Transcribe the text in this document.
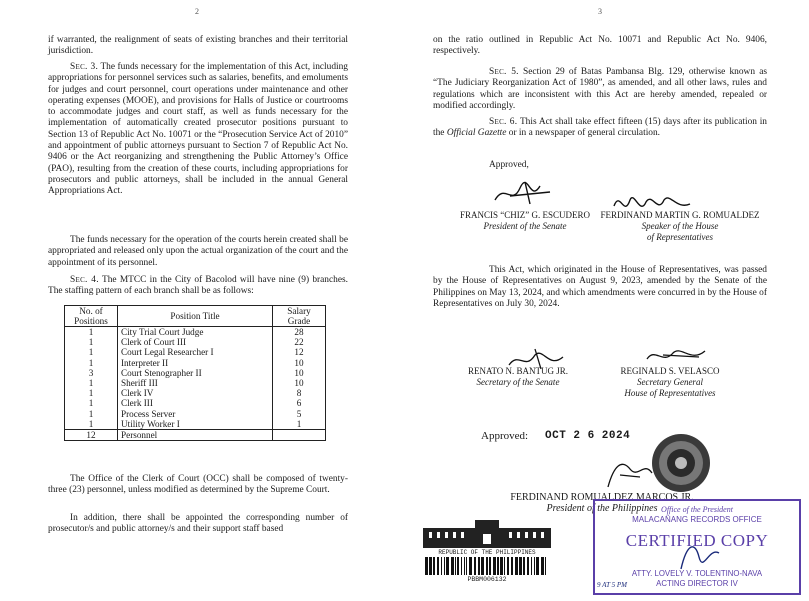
2
if warranted, the realignment of seats of existing branches and their territorial jurisdiction.
Sec. 3. The funds necessary for the implementation of this Act, including appropriations for personnel services such as salaries, benefits, and emoluments for judges and court personnel, court operations under maintenance and other operating expenses (MOOE), and provisions for Halls of Justice or courtrooms to accommodate judges and court staff, as well as funds necessary for the implementation of automatically created prosecutor positions pursuant to Section 13 of Republic Act No. 10071 or the “Prosecution Service Act of 2010” and appointment of public attorneys pursuant to Section 7 of Republic Act No. 9406 or the Act reorganizing and strengthening the Public Attorney’s Office (PAO), resulting from the creation of these courts, including appropriations for prosecutors and public attorneys, shall be included in the annual General Appropriations Act.
The funds necessary for the operation of the courts herein created shall be appropriated and released only upon the actual organization of the court and the appointment of its personnel.
Sec. 4. The MTCC in the City of Bacolod will have nine (9) branches. The staffing pattern of each branch shall be as follows:
No. of Positions	Position Title	Salary Grade
1	City Trial Court Judge	28
1	Clerk of Court III	22
1	Court Legal Researcher I	12
1	Interpreter II	10
3	Court Stenographer II	10
1	Sheriff III	10
1	Clerk IV	8
1	Clerk III	6
1	Process Server	5
1	Utility Worker I	1
12	Personnel	
The Office of the Clerk of Court (OCC) shall be composed of twenty-three (23) personnel, unless modified as determined by the Supreme Court.
In addition, there shall be appointed the corresponding number of prosecutor/s and public attorney/s and their support staff based
3
on the ratio outlined in Republic Act No. 10071 and Republic Act No. 9406, respectively.
Sec. 5. Section 29 of Batas Pambansa Blg. 129, otherwise known as “The Judiciary Reorganization Act of 1980”, as amended, and all other laws, rules and regulations which are inconsistent with this Act are hereby amended, repealed or modified accordingly.
Sec. 6. This Act shall take effect fifteen (15) days after its publication in the Official Gazette or in a newspaper of general circulation.
Approved,
FRANCIS “CHIZ” G. ESCUDERO
President of the Senate
FERDINAND MARTIN G. ROMUALDEZ
Speaker of the House
of Representatives
This Act, which originated in the House of Representatives, was passed by the House of Representatives on August 9, 2023, amended by the Senate of the Philippines on May 13, 2024, and which amendments were concurred in by the House of Representatives on July 30, 2024.
RENATO N. BANTUG JR.
Secretary of the Senate
REGINALD S. VELASCO
Secretary General
House of Representatives
Approved: OCT 2 6 2024
FERDINAND ROMUALDEZ MARCOS JR.
President of the Philippines
REPUBLIC OF THE PHILIPPINES
PBBM006132
Office of the President
MALACAÑANG RECORDS OFFICE
CERTIFIED COPY
ATTY. LOVELY V. TOLENTINO-NAVA
ACTING DIRECTOR IV
9 AT 5 PM
